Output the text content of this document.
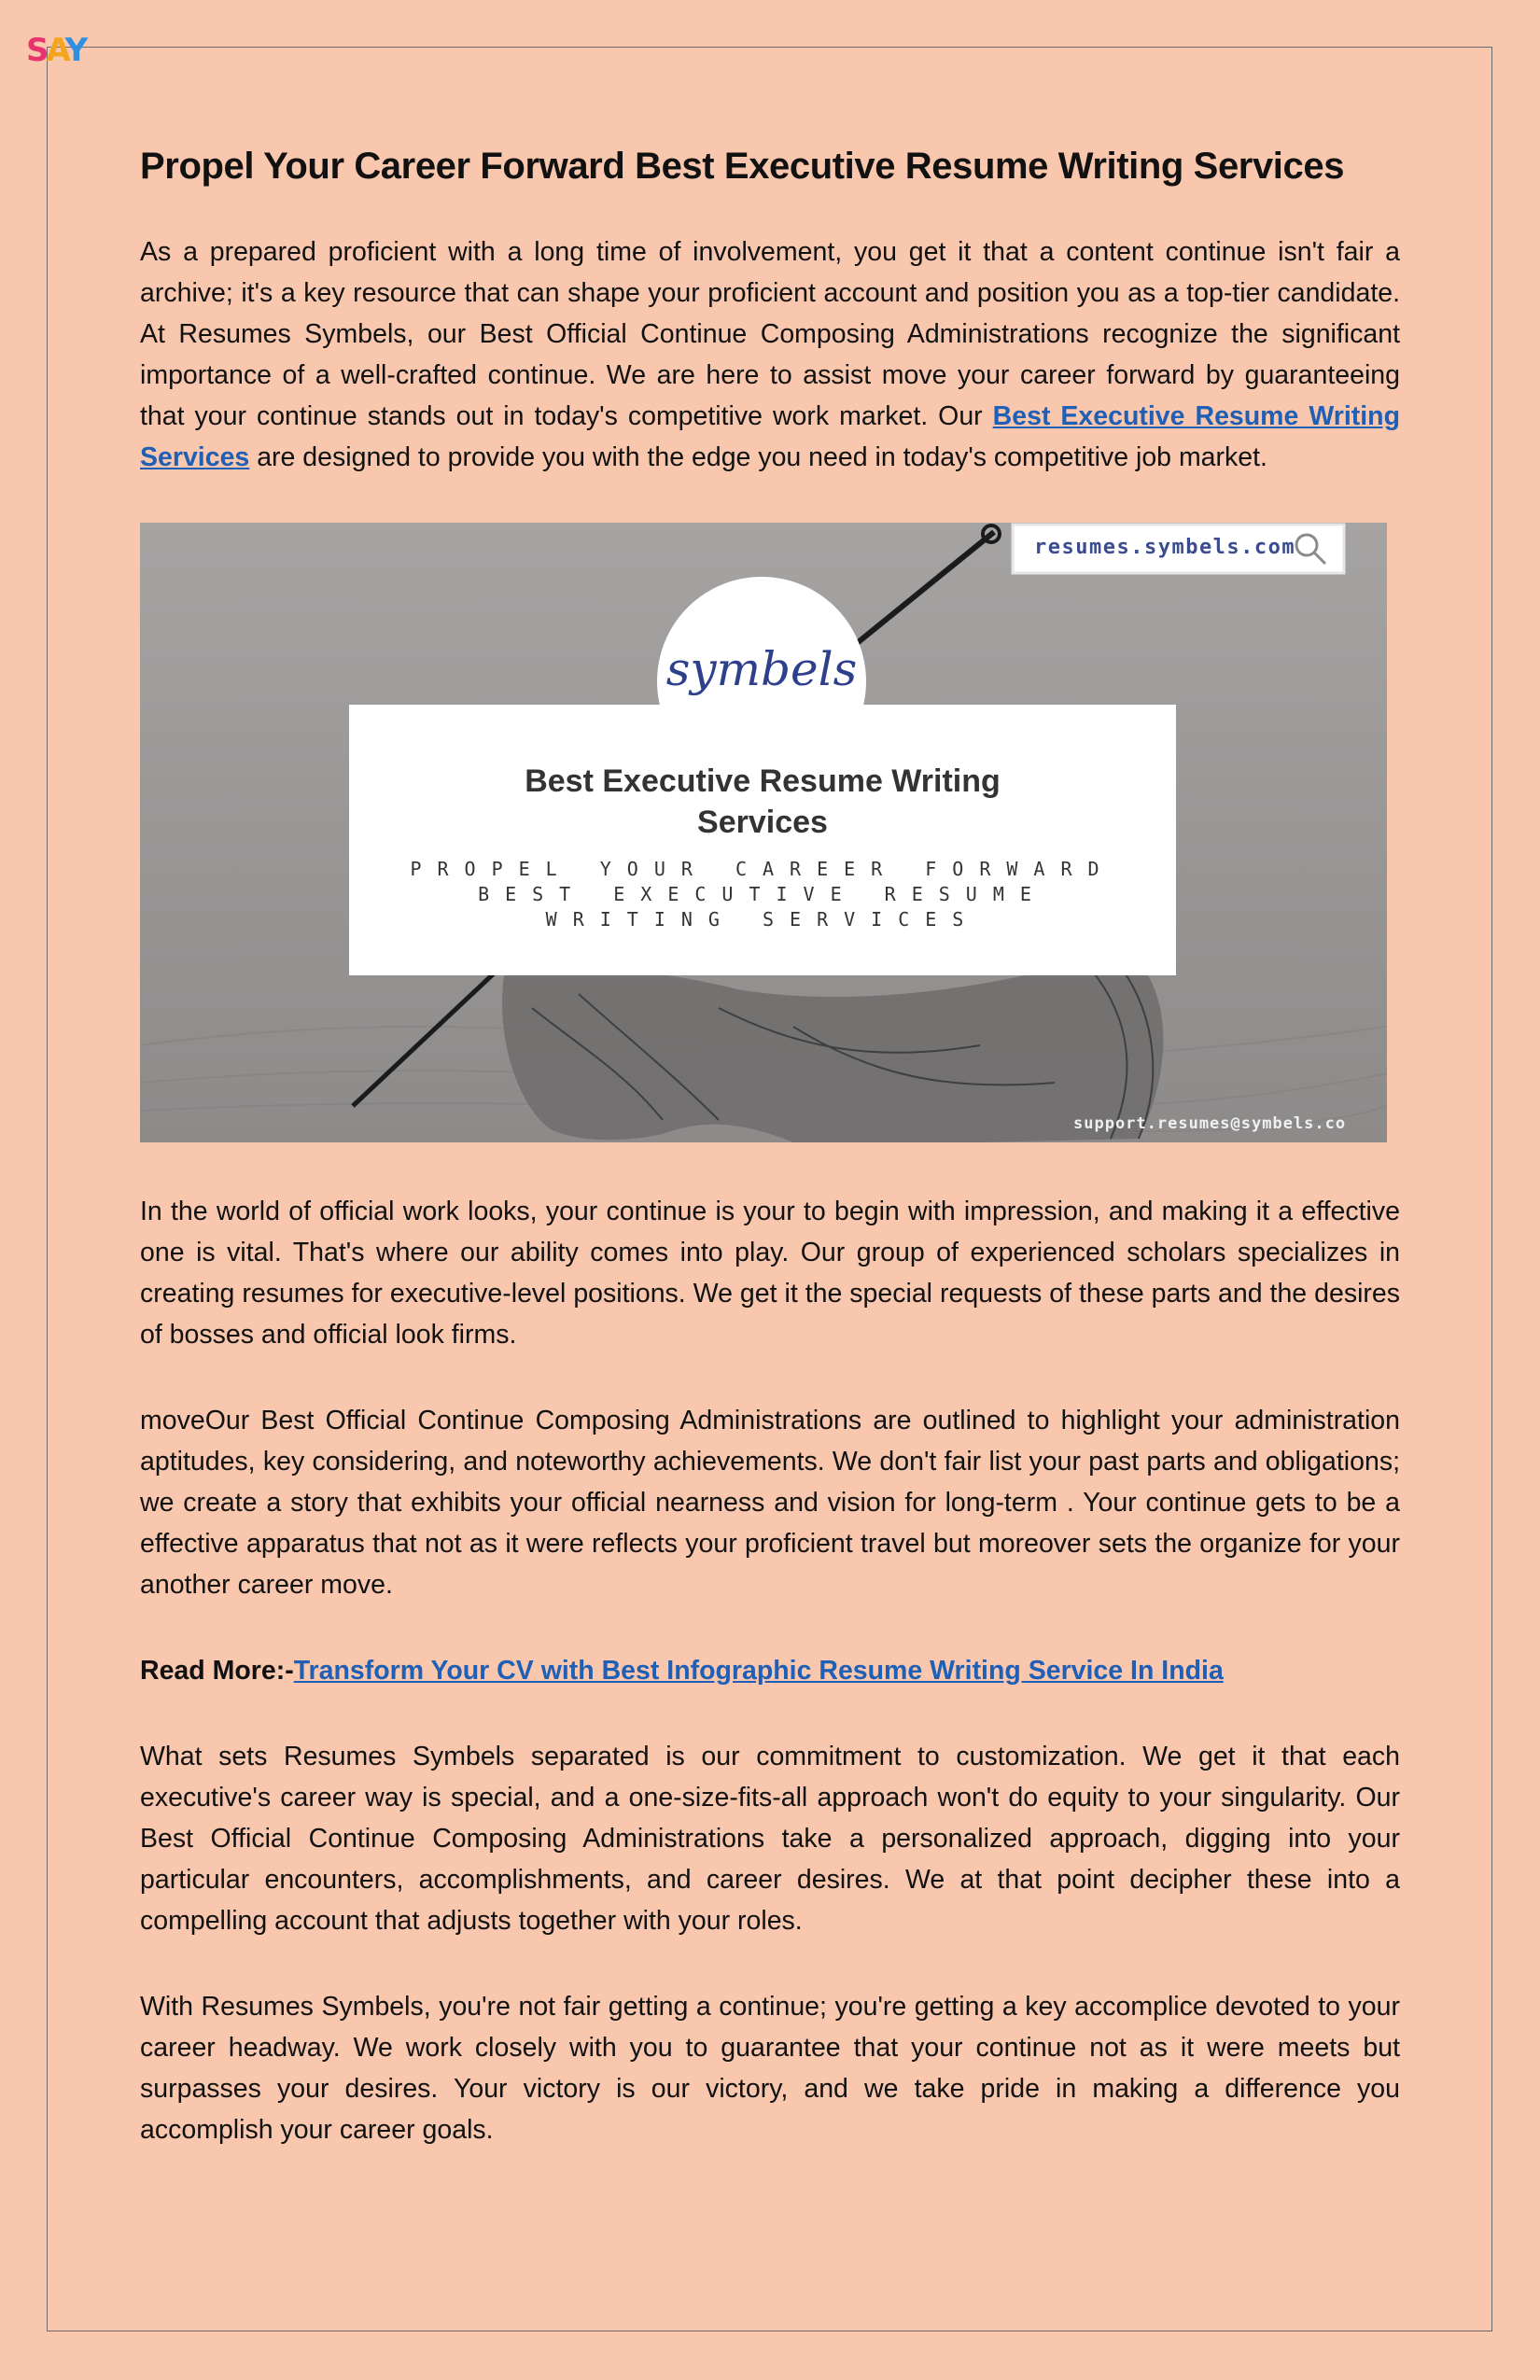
SAY
Propel Your Career Forward Best Executive Resume Writing Services

As a prepared proficient with a long time of involvement, you get it that a content continue isn't fair a archive; it's a key resource that can shape your proficient account and position you as a top-tier candidate. At Resumes Symbels, our Best Official Continue Composing Administrations recognize the significant importance of a well-crafted continue. We are here to assist move your career forward by guaranteeing that your continue stands out in today's competitive work market. Our Best Executive Resume Writing Services are designed to provide you with the edge you need in today's competitive job market.

resumes.symbels.com
symbels
Best Executive Resume Writing
Services
PROPEL YOUR CAREER FORWARD
BEST EXECUTIVE RESUME
WRITING SERVICES
support.resumes@symbels.co

In the world of official work looks, your continue is your to begin with impression, and making it a effective one is vital. That's where our ability comes into play. Our group of experienced scholars specializes in creating resumes for executive-level positions. We get it the special requests of these parts and the desires of bosses and official look firms.

moveOur Best Official Continue Composing Administrations are outlined to highlight your administration aptitudes, key considering, and noteworthy achievements. We don't fair list your past parts and obligations; we create a story that exhibits your official nearness and vision for long-term . Your continue gets to be a effective apparatus that not as it were reflects your proficient travel but moreover sets the organize for your another career move.

Read More:-Transform Your CV with Best Infographic Resume Writing Service In India

What sets Resumes Symbels separated is our commitment to customization. We get it that each executive's career way is special, and a one-size-fits-all approach won't do equity to your singularity. Our Best Official Continue Composing Administrations take a personalized approach, digging into your particular encounters, accomplishments, and career desires. We at that point decipher these into a compelling account that adjusts together with your roles.

With Resumes Symbels, you're not fair getting a continue; you're getting a key accomplice devoted to your career headway. We work closely with you to guarantee that your continue not as it were meets but surpasses your desires. Your victory is our victory, and we take pride in making a difference you accomplish your career goals.
